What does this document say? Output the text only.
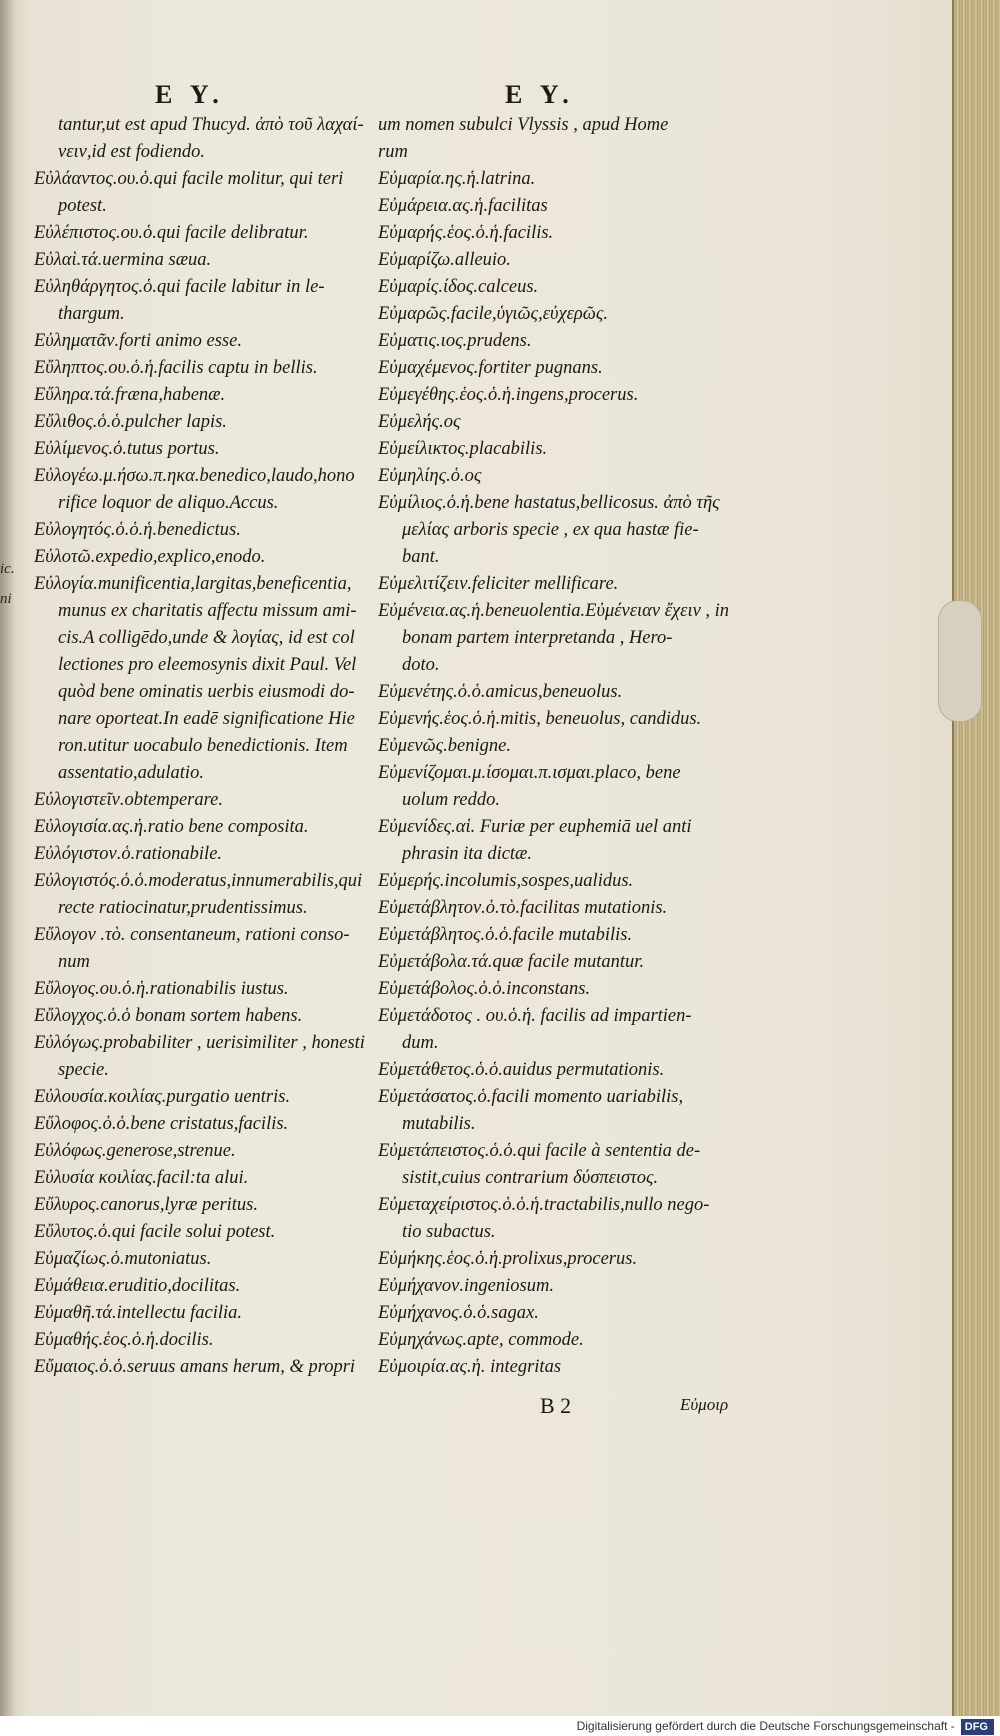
ic.
ni
E Y.	E Y.
tantur,ut est apud Thucyd. ἀπὸ τοῦ λαχαί-
νειν,id est fodiendo.
Εὐλάαντος.ου.ὁ.qui facile molitur, qui teri
potest.
Εὐλέπιστος.ου.ὁ.qui facile delibratur.
Εὐλαὶ.τά.uermina sæua.
Εὐληθάργητος.ὁ.qui facile labitur in le-
thargum.
Εὐληματᾶν.forti animo esse.
Εὔληπτος.ου.ὁ.ἡ.facilis captu in bellis.
Εὔληρα.τά.fræna,habenæ.
Εὔλιθος.ὁ.ὁ.pulcher lapis.
Εὐλίμενος.ὁ.tutus portus.
Εὐλογέω.μ.ήσω.π.ηκα.benedico,laudo,hono
rifice loquor de aliquo.Accus.
Εὐλογητός.ὁ.ὁ.ἡ.benedictus.
Εὐλοτῶ.expedio,explico,enodo.
Εὐλογία.munificentia,largitas,beneficentia,
munus ex charitatis affectu missum ami-
cis.A colligēdo,unde & λογίας, id est col
lectiones pro eleemosynis dixit Paul. Vel
quòd bene ominatis uerbis eiusmodi do-
nare oporteat.In eadē significatione Hie
ron.utitur uocabulo benedictionis. Item
assentatio,adulatio.
Εὐλογιστεῖν.obtemperare.
Εὐλογισία.ας.ἡ.ratio bene composita.
Εὐλόγιστον.ὁ.rationabile.
Εὐλογιστός.ὁ.ὁ.moderatus,innumerabilis,qui
recte ratiocinatur,prudentissimus.
Εὔλογον .τὸ. consentaneum, rationi conso-
num
Εὔλογος.ου.ὁ.ἡ.rationabilis iustus.
Εὔλογχος.ὁ.ὁ bonam sortem habens.
Εὐλόγως.probabiliter , uerisimiliter , honesti
specie.
Εὐλουσία.κοιλίας.purgatio uentris.
Εὔλοφος.ὁ.ὁ.bene cristatus,facilis.
Εὐλόφως.generose,strenue.
Εὐλυσία κοιλίας.facil:ta alui.
Εὔλυρος.canorus,lyræ peritus.
Εὔλυτος.ὁ.qui facile solui potest.
Εὐμαζίως.ὁ.mutoniatus.
Εὐμάθεια.eruditio,docilitas.
Εὐμαθῆ.τά.intellectu facilia.
Εὐμαθής.ἑος.ὁ.ἡ.docilis.
Εὔμαιος.ὁ.ὁ.seruus amans herum, & propri
um nomen subulci Vlyssis , apud Home
rum
Εὐμαρία.ης.ἡ.latrina.
Εὐμάρεια.ας.ἡ.facilitas
Εὐμαρής.ἑος.ὁ.ἡ.facilis.
Εὐμαρίζω.alleuio.
Εὐμαρίς.ίδος.calceus.
Εὐμαρῶς.facile,ὑγιῶς,εὐχερῶς.
Εὐματις.ιος.prudens.
Εὐμαχέμενος.fortiter pugnans.
Εὐμεγέθης.ἑος.ὁ.ἡ.ingens,procerus.
Εὐμελής.ος
Εὐμείλικτος.placabilis.
Εὐμηλίης.ὁ.ος
Εὐμίλιος.ὁ.ἡ.bene hastatus,bellicosus. ἀπὸ τῆς
μελίας arboris specie , ex qua hastæ fie-
bant.
Εὐμελιτίζειν.feliciter mellificare.
Εὐμένεια.ας.ἡ.beneuolentia.Εὐμένειαν ἔχειν , in
bonam partem interpretanda , Hero-
doto.
Εὐμενέτης.ὁ.ὁ.amicus,beneuolus.
Εὐμενής.ἑος.ὁ.ἡ.mitis, beneuolus, candidus.
Εὐμενῶς.benigne.
Εὐμενίζομαι.μ.ίσομαι.π.ισμαι.placo, bene
uolum reddo.
Εὐμενίδες.αἱ. Furiæ per euphemiā uel anti
phrasin ita dictæ.
Εὐμερής.incolumis,sospes,ualidus.
Εὐμετάβλητον.ὁ.τὸ.facilitas mutationis.
Εὐμετάβλητος.ὁ.ὁ.facile mutabilis.
Εὐμετάβολα.τά.quæ facile mutantur.
Εὐμετάβολος.ὁ.ὁ.inconstans.
Εὐμετάδοτος . ου.ὁ.ἡ. facilis ad impartien-
dum.
Εὐμετάθετος.ὁ.ὁ.auidus permutationis.
Εὐμετάσατος.ὁ.facili momento uariabilis,
mutabilis.
Εὐμετάπειστος.ὁ.ὁ.qui facile à sententia de-
sistit,cuius contrarium δύσπειστος.
Εὐμεταχείριστος.ὁ.ὁ.ἡ.tractabilis,nullo nego-
tio subactus.
Εὐμήκης.ἑος.ὁ.ἡ.prolixus,procerus.
Εὐμήχανον.ingeniosum.
Εὐμήχανος.ὁ.ὁ.sagax.
Εὐμηχάνως.apte, commode.
Εὐμοιρία.ας.ἡ. integritas
B 2	Εὐμοιρ
Digitalisierung gefördert durch die Deutsche Forschungsgemeinschaft - DFG
